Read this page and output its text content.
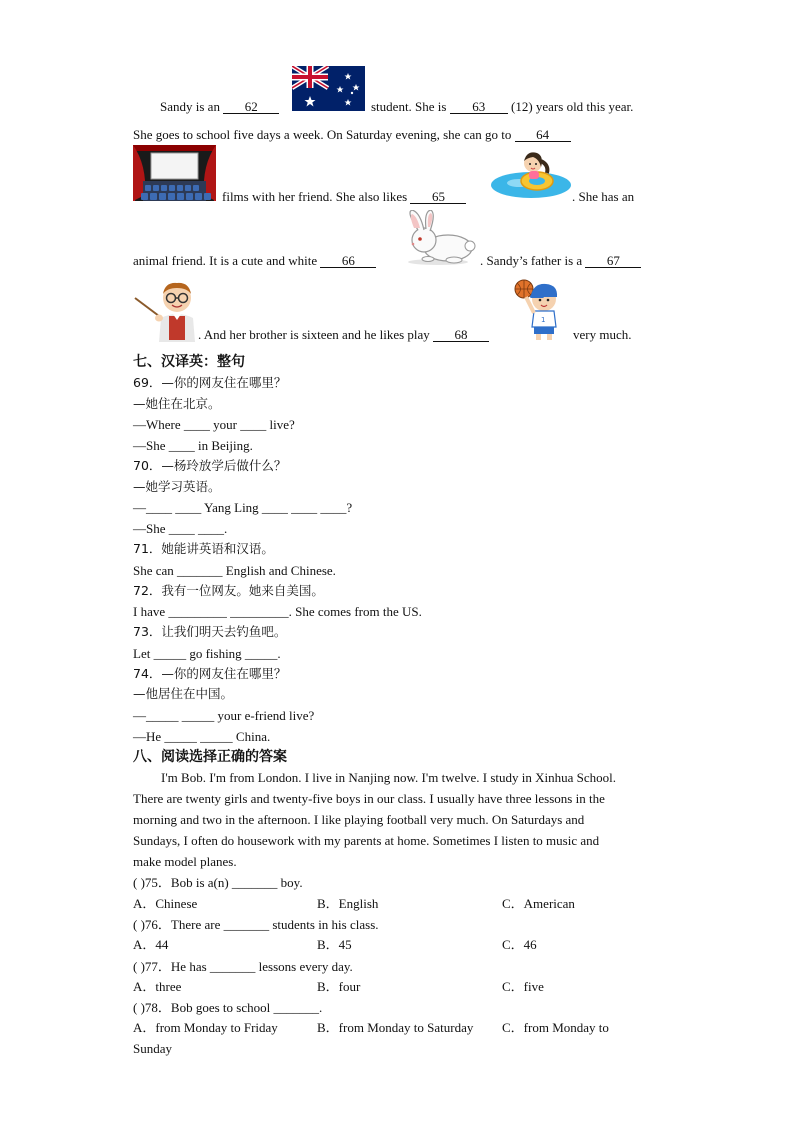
Sandy is an 62	student. She is 63 (12) years old this year.
She goes to school five days a week. On Saturday evening, she can go to 64
films with her friend. She also likes 65	. She has an
animal friend. It is a cute and white 66	. Sandy’s father is a 67
. And her brother is sixteen and he likes play 68
1
very much.
七、汉译英：整句
69．—你的网友住在哪里？
—她住在北京。
—Where ____ your ____ live?
—She ____ in Beijing.
70．—杨玲放学后做什么？
—她学习英语。
—____ ____ Yang Ling ____ ____ ____?
—She ____ ____.
71．她能讲英语和汉语。
She can _______ English and Chinese.
72．我有一位网友。她来自美国。
I have _________ _________. She comes from the US.
73．让我们明天去钓鱼吧。
Let _____ go fishing _____.
74．—你的网友住在哪里？
—他居住在中国。
—_____ _____ your e-friend live?
—He _____ _____ China.
八、阅读选择正确的答案
I'm Bob. I'm from London. I live in Nanjing now. I'm twelve. I study in Xinhua School.
There are twenty girls and twenty-five boys in our class. I usually have three lessons in the
morning and two in the afternoon. I like playing football very much. On Saturdays and
Sundays, I often do housework with my parents at home. Sometimes I listen to music and
make model planes.
( )75．Bob is a(n) _______ boy.
A．Chinese	B．English	C．American
( )76．There are _______ students in his class.
A．44	B．45	C．46
( )77．He has _______ lessons every day.
A．three	B．four	C．five
( )78．Bob goes to school _______.
A．from Monday to Friday	B．from Monday to Saturday C．from Monday to
Sunday
